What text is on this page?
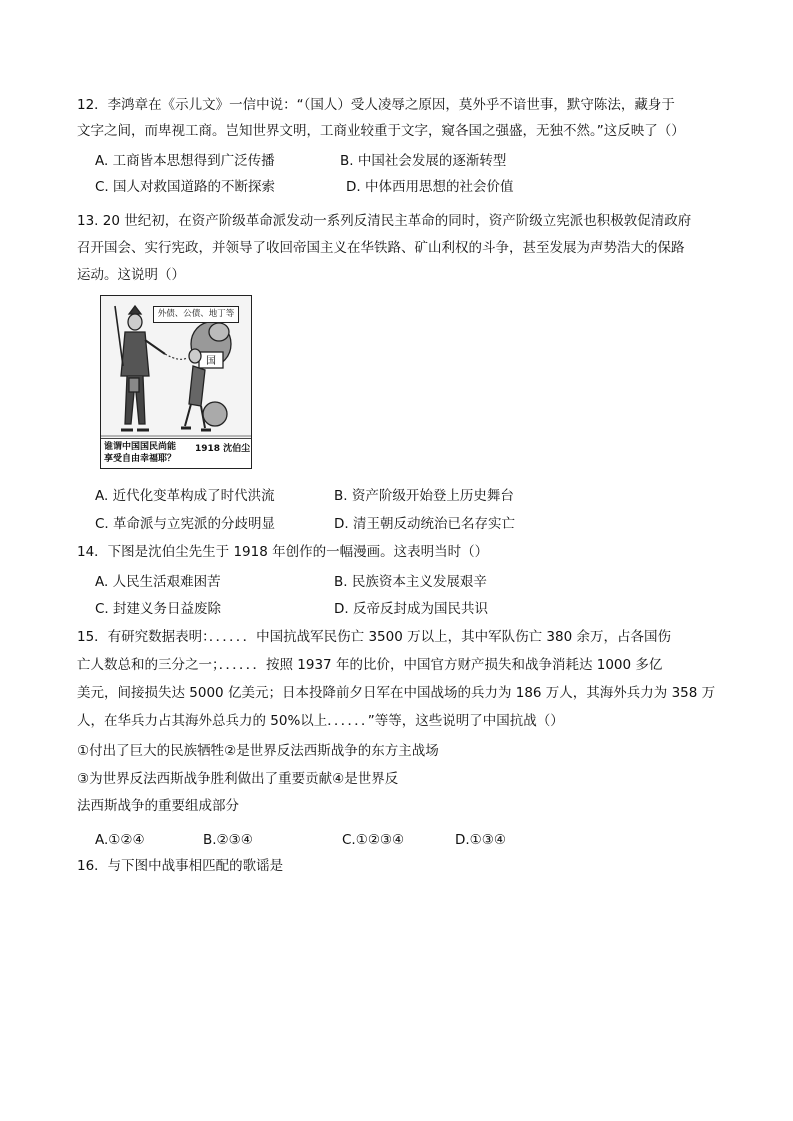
12．李鸿章在《示儿文》一信中说：“（国人）受人凌辱之原因，莫外乎不谙世事，默守陈法，藏身于
文字之间，而卑视工商。岂知世界文明，工商业较重于文字，窥各国之强盛，无独不然。”这反映了（）
A. 工商皆本思想得到广泛传播	B. 中国社会发展的逐渐转型
C. 国人对救国道路的不断探索	D. 中体西用思想的社会价值
13. 20 世纪初，在资产阶级革命派发动一系列反清民主革命的同时，资产阶级立宪派也积极敦促清政府
召开国会、实行宪政，并领导了收回帝国主义在华铁路、矿山利权的斗争，甚至发展为声势浩大的保路
运动。这说明（）
国
外债、公债、地丁等
谁谓中国国民尚能
享受自由幸福耶？
1918 沈伯尘
A. 近代化变革构成了时代洪流	B. 资产阶级开始登上历史舞台
C. 革命派与立宪派的分歧明显	D. 清王朝反动统治已名存实亡
14．下图是沈伯尘先生于 1918 年创作的一幅漫画。这表明当时（）
A. 人民生活艰难困苦	B. 民族资本主义发展艰辛
C. 封建义务日益废除	D. 反帝反封成为国民共识
15．有研究数据表明：．．．．．．中国抗战军民伤亡 3500 万以上，其中军队伤亡 380 余万，占各国伤
亡人数总和的三分之一；．．．．．．按照 1937 年的比价，中国官方财产损失和战争消耗达 1000 多亿
美元，间接损失达 5000 亿美元；日本投降前夕日军在中国战场的兵力为 186 万人，其海外兵力为 358 万
人，在华兵力占其海外总兵力的 50%以上．．．．．．”等等，这些说明了中国抗战（）
①付出了巨大的民族牺牲②是世界反法西斯战争的东方主战场
③为世界反法西斯战争胜利做出了重要贡献④是世界反
法西斯战争的重要组成部分
A.①②④	B.②③④	C.①②③④	D.①③④
16．与下图中战事相匹配的歌谣是
